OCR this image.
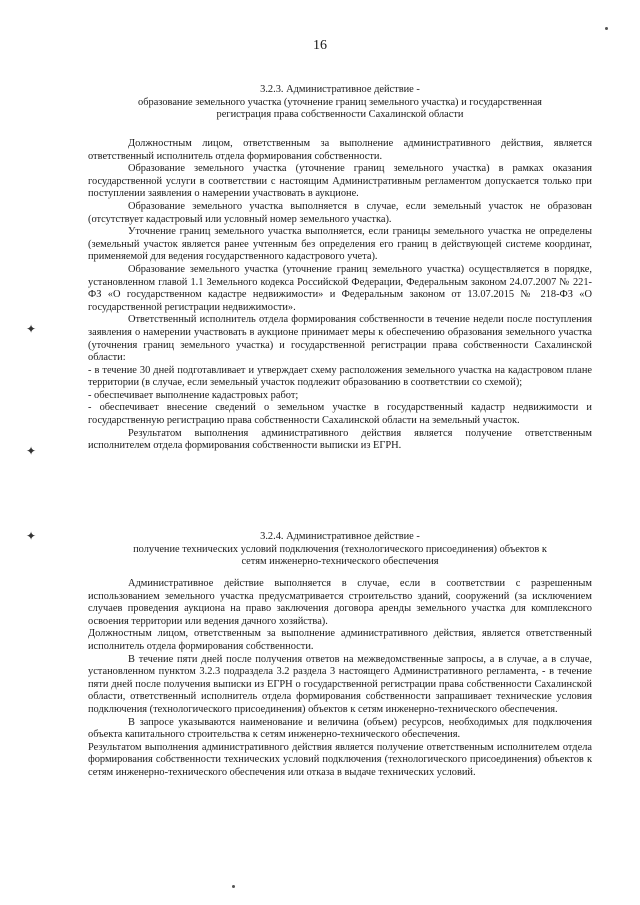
16
3.2.3. Административное действие -
образование земельного участка (уточнение границ земельного участка) и государственная
регистрация права собственности Сахалинской области

Должностным лицом, ответственным за выполнение административного действия, является ответственный исполнитель отдела формирования собственности.

Образование земельного участка (уточнение границ земельного участка) в рамках оказания государственной услуги в соответствии с настоящим Административным регламентом допускается только при поступлении заявления о намерении участвовать в аукционе.

Образование земельного участка выполняется в случае, если земельный участок не образован (отсутствует кадастровый или условный номер земельного участка).

Уточнение границ земельного участка выполняется, если границы земельного участка не определены (земельный участок является ранее учтенным без определения его границ в действующей системе координат, применяемой для ведения государственного кадастрового учета).

Образование земельного участка (уточнение границ земельного участка) осуществляется в порядке, установленном главой 1.1 Земельного кодекса Российской Федерации, Федеральным законом 24.07.2007 № 221-ФЗ «О государственном кадастре недвижимости» и Федеральным законом от 13.07.2015 № 218-ФЗ «О государственной регистрации недвижимости».

Ответственный исполнитель отдела формирования собственности в течение недели после поступления заявления о намерении участвовать в аукционе принимает меры к обеспечению образования земельного участка (уточнения границ земельного участка) и государственной регистрации права собственности Сахалинской области:

- в течение 30 дней подготавливает и утверждает схему расположения земельного участка на кадастровом плане территории (в случае, если земельный участок подлежит образованию в соответствии со схемой);

- обеспечивает выполнение кадастровых работ;

- обеспечивает внесение сведений о земельном участке в государственный кадастр недвижимости и государственную регистрацию права собственности Сахалинской области на земельный участок.

Результатом выполнения административного действия является получение ответственным исполнителем отдела формирования собственности выписки из ЕГРН.

3.2.4. Административное действие -
получение технических условий подключения (технологического присоединения) объектов к
сетям инженерно-технического обеспечения

Административное действие выполняется в случае, если в соответствии с разрешенным использованием земельного участка предусматривается строительство зданий, сооружений (за исключением случаев проведения аукциона на право заключения договора аренды земельного участка для комплексного освоения территории или ведения дачного хозяйства).

Должностным лицом, ответственным за выполнение административного действия, является ответственный исполнитель отдела формирования собственности.

В течение пяти дней после получения ответов на межведомственные запросы, а в случае, а в случае, установленном пунктом 3.2.3 подраздела 3.2 раздела 3 настоящего Административного регламента, - в течение пяти дней после получения выписки из ЕГРН о государственной регистрации права собственности Сахалинской области, ответственный исполнитель отдела формирования собственности запрашивает технические условия подключения (технологического присоединения) объектов к сетям инженерно-технического обеспечения.

В запросе указываются наименование и величина (объем) ресурсов, необходимых для подключения объекта капитального строительства к сетям инженерно-технического обеспечения.

Результатом выполнения административного действия является получение ответственным исполнителем отдела формирования собственности технических условий подключения (технологического присоединения) объектов к сетям инженерно-технического обеспечения или отказа в выдаче технических условий.

✦
✦
✦
